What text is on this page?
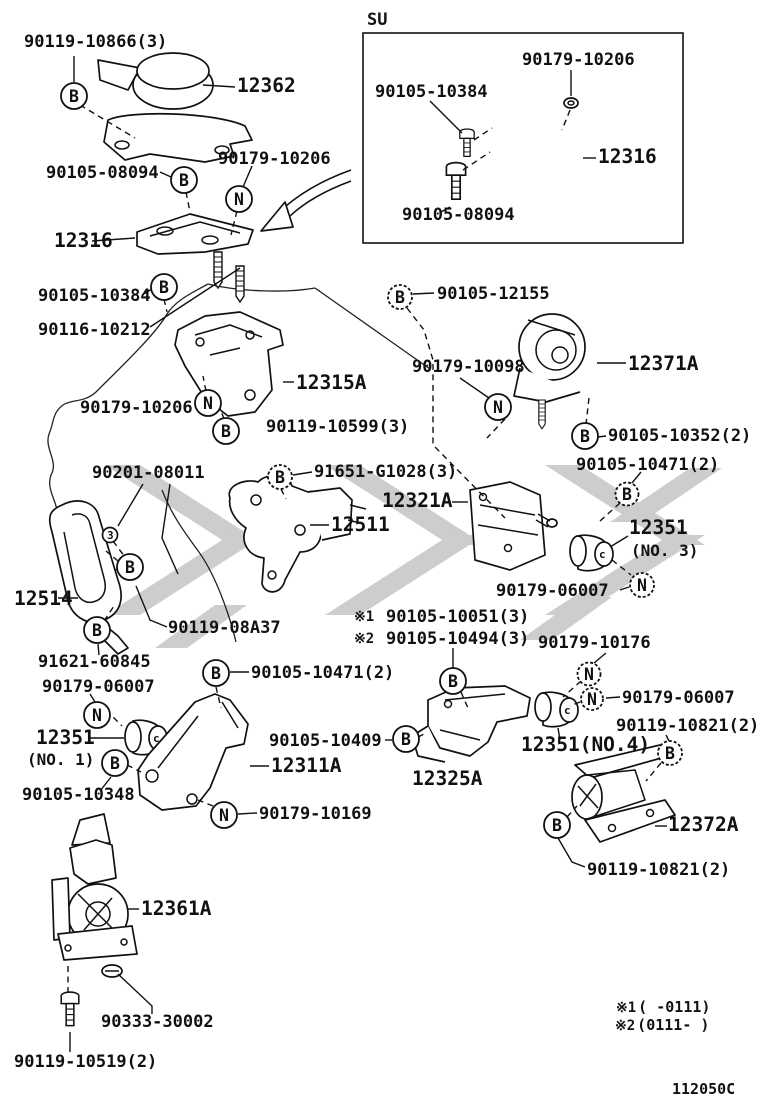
c
c
c
3
B
B
N
B
B
N
B
N
B
B
B
B
B
N
B
B	B
B
N
N
N
N
B
B
90119-10866(3)
12362
90105-08094
90179-10206
12316
90105-10384
90116-10212
12315A
90179-10206
90119-10599(3)
90105-12155
90179-10098	12371A
90105-10352(2)
90105-10471(2)
90201-08011	91651-G1028(3)
12321A
12511	12351
(NO. 3)
90179-06007
12514
90119-08A37
91621-60845
90179-06007
12351
(NO. 1)
90105-10348
※1 90105-10051(3)
※2 90105-10494(3) 90179-10176
90105-10471(2)
90105-10409
12311A
12325A
90179-10169
12351(NO.4)
90179-06007
90119-10821(2)
12372A
90119-10821(2)
12361A
90333-30002
90119-10519(2)
SU
90179-10206
90105-10384
12316
90105-08094
※1 ( -0111)
※2 (0111- )
112050C
